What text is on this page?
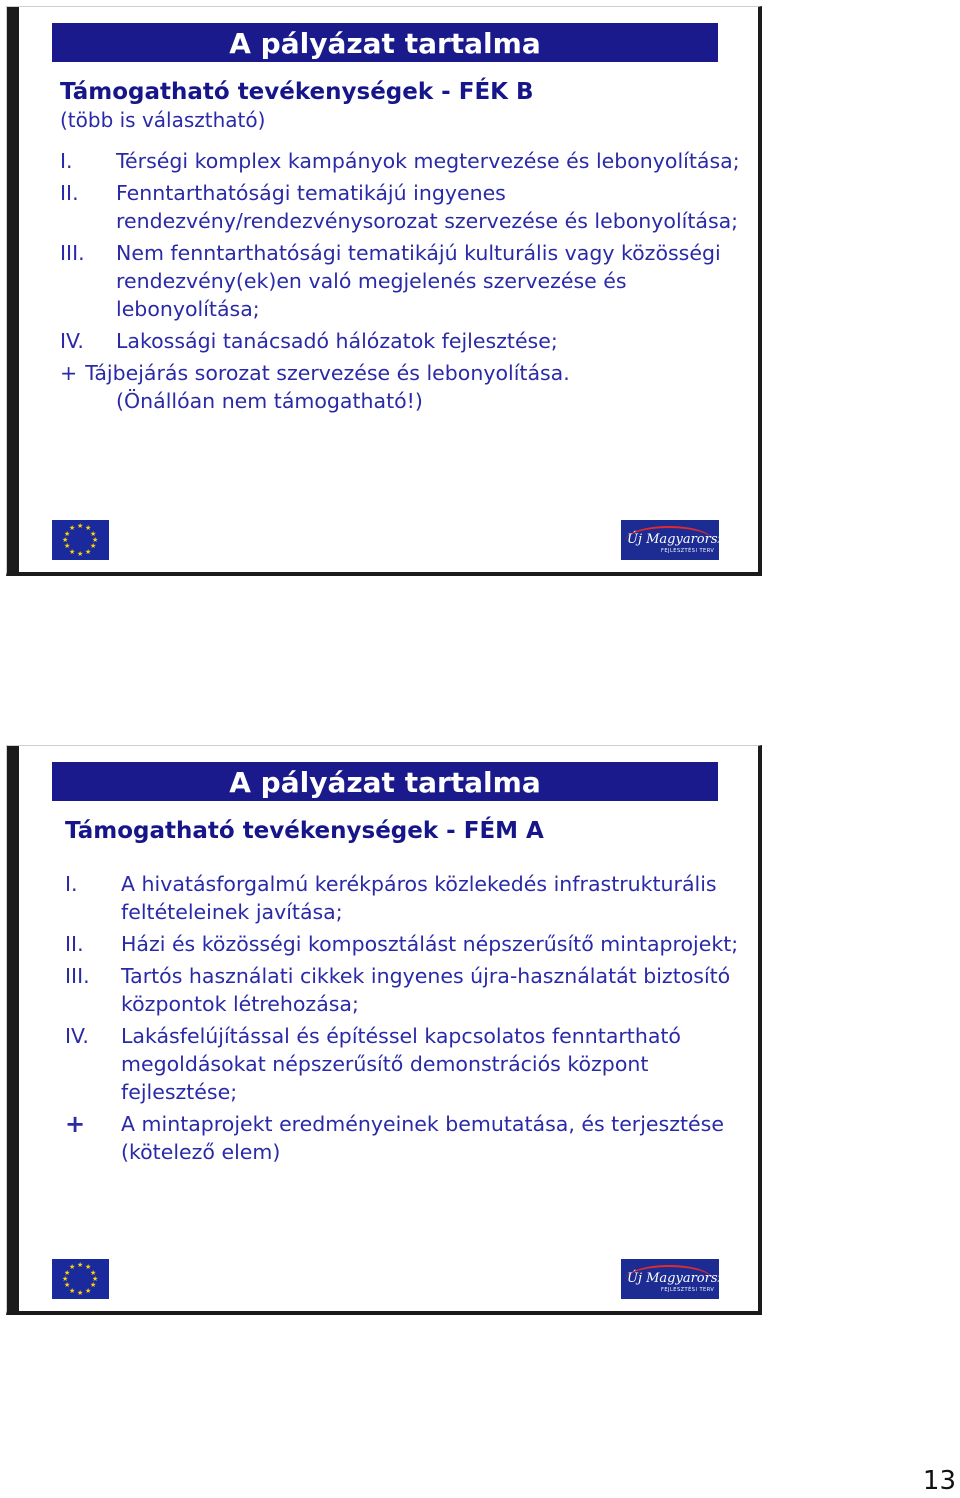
A pályázat tartalma
Támogatható tevékenységek - FÉK B
(több is választható)
I. Térségi komplex kampányok megtervezése és lebonyolítása;
II. Fenntarthatósági tematikájú ingyenes rendezvény/rendezvénysorozat szervezése és lebonyolítása;
III. Nem fenntarthatósági tematikájú kulturális vagy közösségi rendezvény(ek)en való megjelenés szervezése és lebonyolítása;
IV. Lakossági tanácsadó hálózatok fejlesztése;
+ Tájbejárás sorozat szervezése és lebonyolítása.
(Önállóan nem támogatható!)
★ ★
★
★
★
★
★
★
★
★
★
★
Új Magyarország
FEJLESZTÉSI TERV
A pályázat tartalma
Támogatható tevékenységek - FÉM A
I. A hivatásforgalmú kerékpáros közlekedés infrastrukturális feltételeinek javítása;
II. Házi és közösségi komposztálást népszerűsítő mintaprojekt;
III. Tartós használati cikkek ingyenes újra-használatát biztosító központok létrehozása;
IV. Lakásfelújítással és építéssel kapcsolatos fenntartható megoldásokat népszerűsítő demonstrációs központ fejlesztése;
+ A mintaprojekt eredményeinek bemutatása, és terjesztése (kötelező elem)
★ ★
★
★
★
★
★
★
★
★
★
★
Új Magyarország
FEJLESZTÉSI TERV
13
